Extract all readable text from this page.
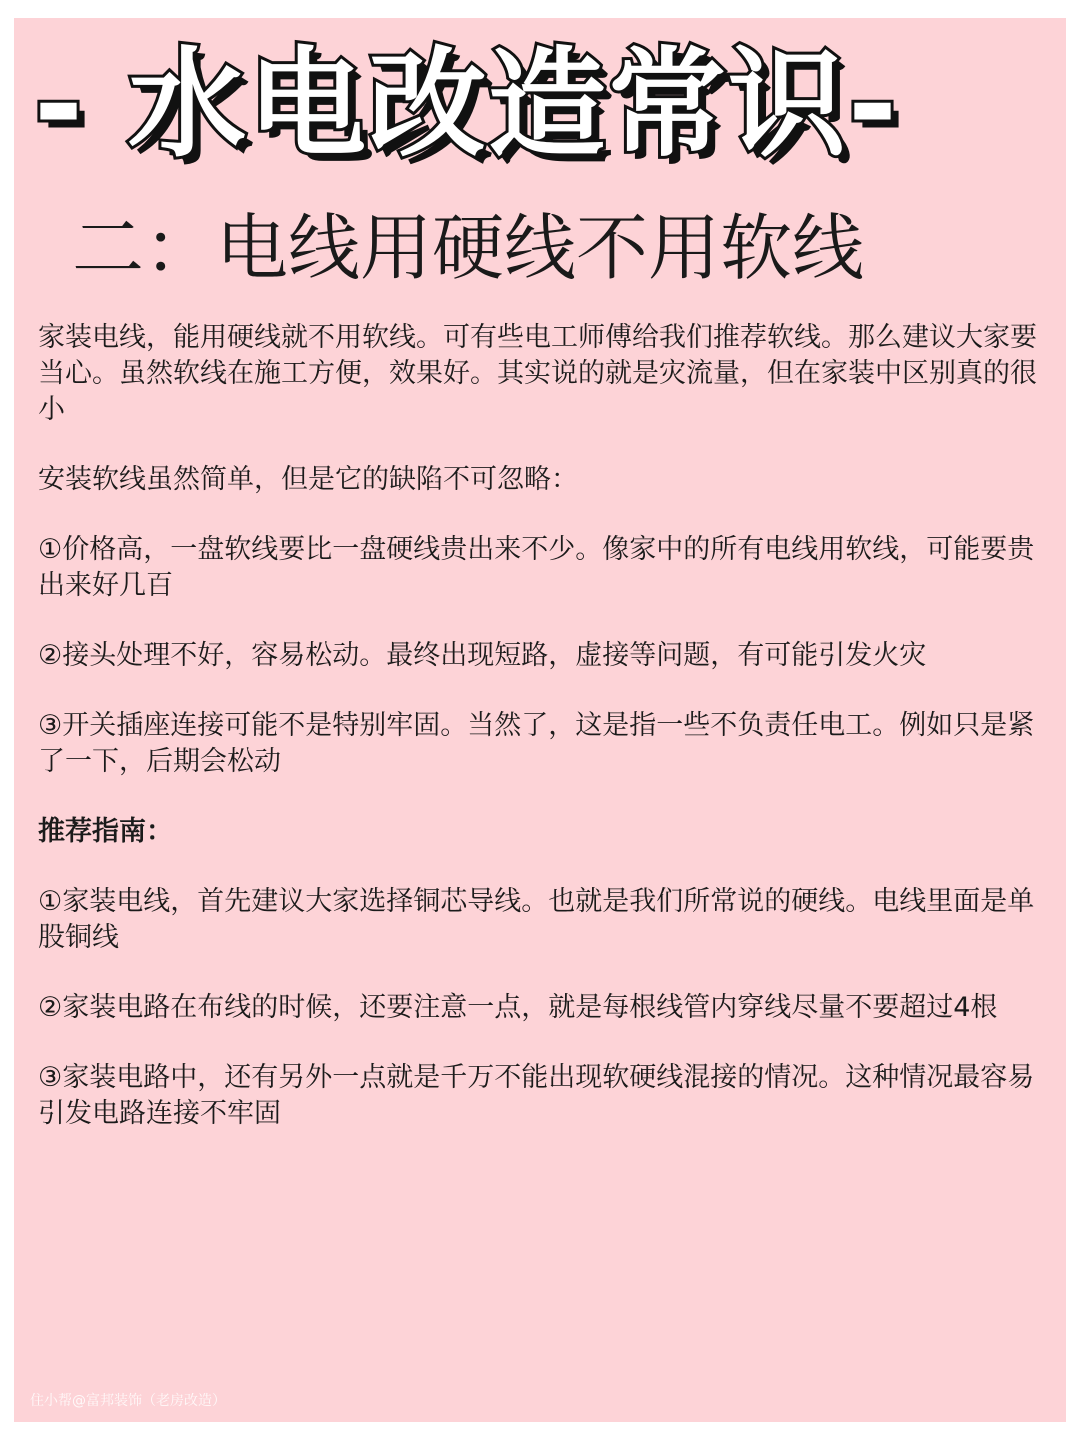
- 水电改造常识-
二：电线用硬线不用软线

家装电线，能用硬线就不用软线。可有些电工师傅给我们推荐软线。那么建议大家要当心。虽然软线在施工方便，效果好。其实说的就是灾流量，但在家装中区别真的很小

安装软线虽然简单，但是它的缺陷不可忽略：

①价格高，一盘软线要比一盘硬线贵出来不少。像家中的所有电线用软线，可能要贵出来好几百

②接头处理不好，容易松动。最终出现短路，虚接等问题，有可能引发火灾

③开关插座连接可能不是特别牢固。当然了，这是指一些不负责任电工。例如只是紧了一下，后期会松动

推荐指南：

①家装电线，首先建议大家选择铜芯导线。也就是我们所常说的硬线。电线里面是单股铜线

②家装电路在布线的时候，还要注意一点，就是每根线管内穿线尽量不要超过4根

③家装电路中，还有另外一点就是千万不能出现软硬线混接的情况。这种情况最容易引发电路连接不牢固

住小帮@富邦装饰（老房改造）
